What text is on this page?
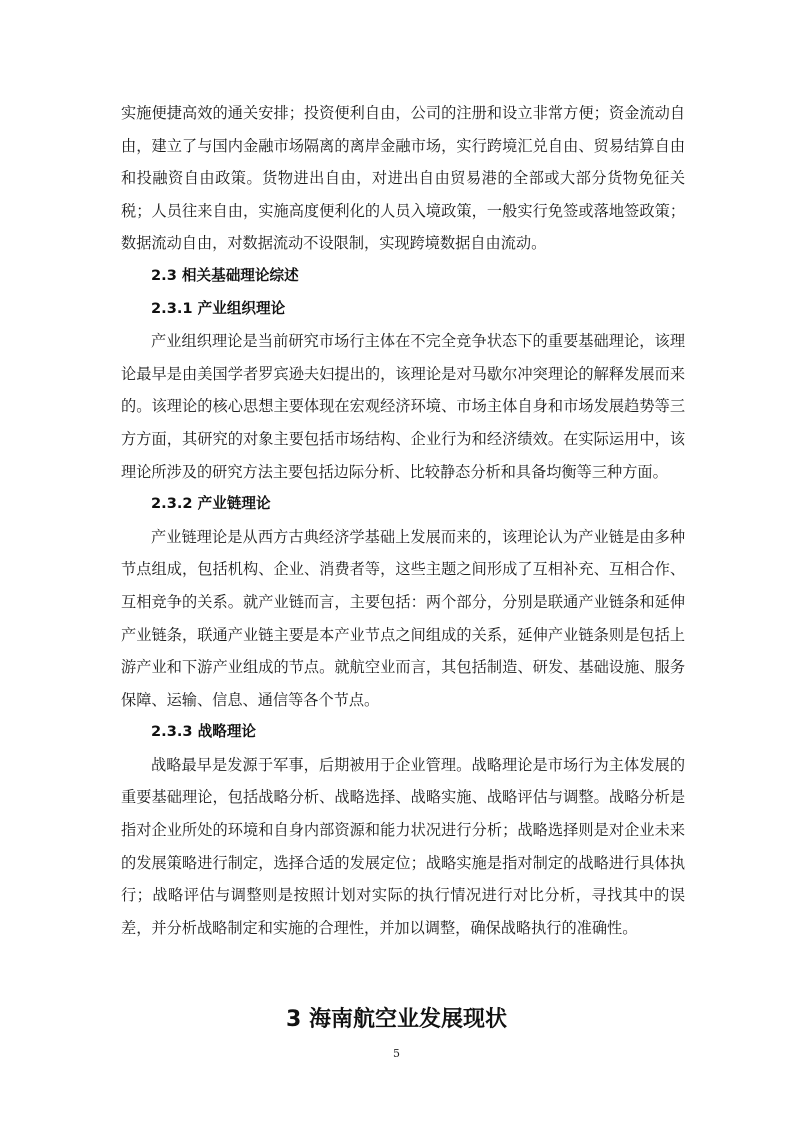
实施便捷高效的通关安排；投资便利自由，公司的注册和设立非常方便；资金流动自由，建立了与国内金融市场隔离的离岸金融市场，实行跨境汇兑自由、贸易结算自由和投融资自由政策。货物进出自由，对进出自由贸易港的全部或大部分货物免征关税；人员往来自由，实施高度便利化的人员入境政策，一般实行免签或落地签政策；数据流动自由，对数据流动不设限制，实现跨境数据自由流动。

2.3 相关基础理论综述
2.3.1 产业组织理论

产业组织理论是当前研究市场行主体在不完全竞争状态下的重要基础理论，该理论最早是由美国学者罗宾逊夫妇提出的，该理论是对马歇尔冲突理论的解释发展而来的。该理论的核心思想主要体现在宏观经济环境、市场主体自身和市场发展趋势等三方方面，其研究的对象主要包括市场结构、企业行为和经济绩效。在实际运用中，该理论所涉及的研究方法主要包括边际分析、比较静态分析和具备均衡等三种方面。

2.3.2 产业链理论

产业链理论是从西方古典经济学基础上发展而来的，该理论认为产业链是由多种节点组成，包括机构、企业、消费者等，这些主题之间形成了互相补充、互相合作、互相竞争的关系。就产业链而言，主要包括：两个部分，分别是联通产业链条和延伸产业链条，联通产业链主要是本产业节点之间组成的关系，延伸产业链条则是包括上游产业和下游产业组成的节点。就航空业而言，其包括制造、研发、基础设施、服务保障、运输、信息、通信等各个节点。

2.3.3 战略理论

战略最早是发源于军事，后期被用于企业管理。战略理论是市场行为主体发展的重要基础理论，包括战略分析、战略选择、战略实施、战略评估与调整。战略分析是指对企业所处的环境和自身内部资源和能力状况进行分析；战略选择则是对企业未来的发展策略进行制定，选择合适的发展定位；战略实施是指对制定的战略进行具体执行；战略评估与调整则是按照计划对实际的执行情况进行对比分析，寻找其中的误差，并分析战略制定和实施的合理性，并加以调整，确保战略执行的准确性。

3 海南航空业发展现状
5
